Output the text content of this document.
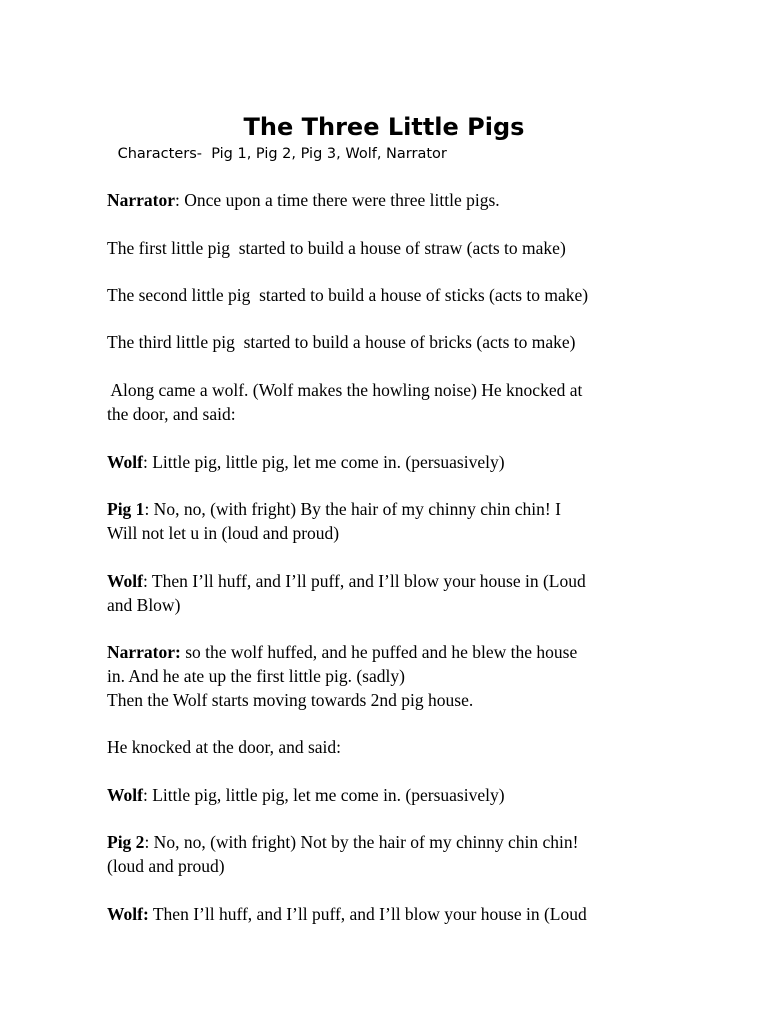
The Three Little Pigs
Characters-  Pig 1, Pig 2, Pig 3, Wolf, Narrator
Narrator: Once upon a time there were three little pigs.
The first little pig  started to build a house of straw (acts to make)
The second little pig  started to build a house of sticks (acts to make)
The third little pig  started to build a house of bricks (acts to make)
Along came a wolf. (Wolf makes the howling noise) He knocked at
the door, and said:
Wolf: Little pig, little pig, let me come in. (persuasively)
Pig 1: No, no, (with fright) By the hair of my chinny chin chin! I
Will not let u in (loud and proud)
Wolf: Then I’ll huff, and I’ll puff, and I’ll blow your house in (Loud
and Blow)
Narrator: so the wolf huffed, and he puffed and he blew the house
in. And he ate up the first little pig. (sadly)
Then the Wolf starts moving towards 2nd pig house.
He knocked at the door, and said:
Wolf: Little pig, little pig, let me come in. (persuasively)
Pig 2: No, no, (with fright) Not by the hair of my chinny chin chin!
(loud and proud)
Wolf: Then I’ll huff, and I’ll puff, and I’ll blow your house in (Loud
